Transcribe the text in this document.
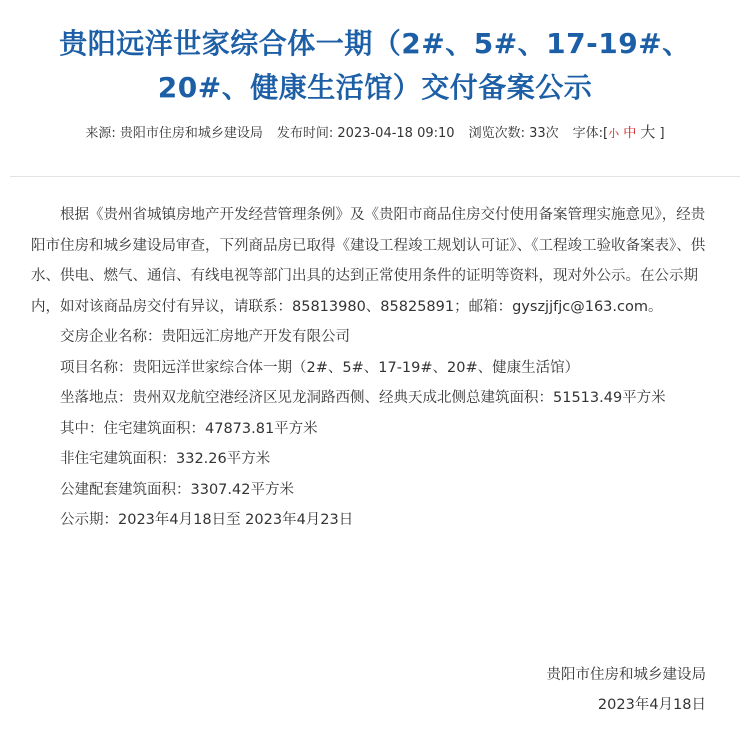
贵阳远洋世家综合体一期（2#、5#、17-19#、20#、健康生活馆）交付备案公示
来源: 贵阳市住房和城乡建设局 发布时间: 2023-04-18 09:10 浏览次数: 33次 字体:[小 中 大 ]

根据《贵州省城镇房地产开发经营管理条例》及《贵阳市商品住房交付使用备案管理实施意见》，经贵阳市住房和城乡建设局审查，下列商品房已取得《建设工程竣工规划认可证》、《工程竣工验收备案表》、供水、供电、燃气、通信、有线电视等部门出具的达到正常使用条件的证明等资料，现对外公示。在公示期内，如对该商品房交付有异议，请联系：85813980、85825891；邮箱：gyszjjfjc@163.com。

交房企业名称：贵阳远汇房地产开发有限公司

项目名称：贵阳远洋世家综合体一期（2#、5#、17-19#、20#、健康生活馆）

坐落地点：贵州双龙航空港经济区见龙洞路西侧、经典天成北侧总建筑面积：51513.49平方米

其中：住宅建筑面积：47873.81平方米

非住宅建筑面积：332.26平方米

公建配套建筑面积：3307.42平方米

公示期：2023年4月18日至 2023年4月23日

贵阳市住房和城乡建设局
2023年4月18日
